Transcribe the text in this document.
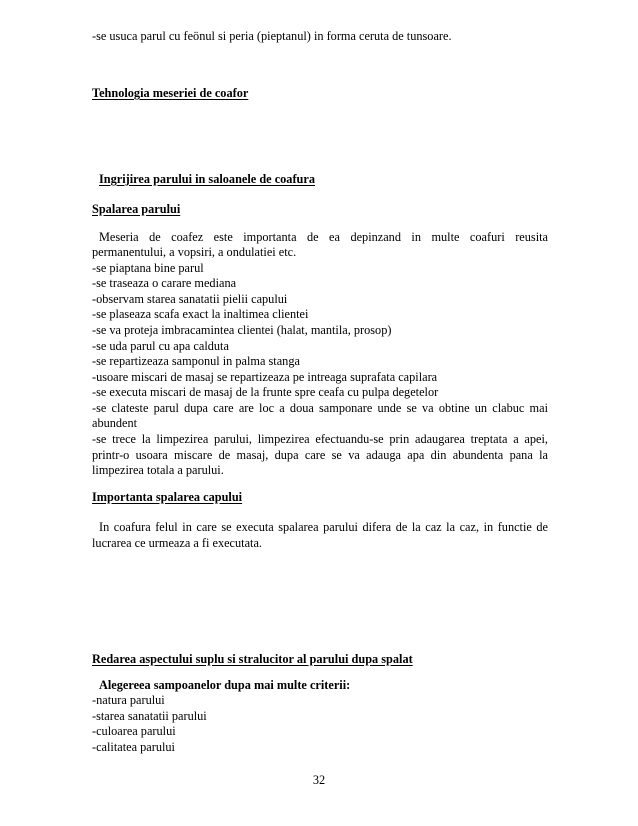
-se usuca parul cu feönul si peria (pieptanul) in forma ceruta de tunsoare.
Tehnologia meseriei de coafor
Ingrijirea parului in saloanele de coafura
Spalarea parului
Meseria de coafez este importanta de ea depinzand in multe coafuri reusita
permanentului, a vopsiri, a ondulatiei etc.
-se piaptana bine parul
-se traseaza o carare mediana
-observam starea sanatatii pielii capului
-se plaseaza scafa exact la inaltimea clientei
-se va proteja imbracamintea clientei (halat, mantila, prosop)
-se uda parul cu apa calduta
-se repartizeaza samponul in palma stanga
-usoare miscari de masaj se repartizeaza pe intreaga suprafata capilara
-se executa miscari de masaj de la frunte spre ceafa cu pulpa degetelor
-se clateste parul dupa care are loc a doua samponare unde se va obtine un clabuc mai
abundent
-se trece la limpezirea parului, limpezirea efectuandu-se prin adaugarea treptata a apei,
printr-o usoara miscare de masaj, dupa care se va adauga apa din abundenta pana la
limpezirea totala a parului.
Importanta spalarea capului
In coafura felul in care se executa spalarea parului difera de la caz la caz, in functie de
lucrarea ce urmeaza a fi executata.
Redarea aspectului suplu si stralucitor al parului dupa spalat
Alegereea sampoanelor dupa mai multe criterii:
-natura parului
-starea sanatatii parului
-culoarea parului
-calitatea parului
32
